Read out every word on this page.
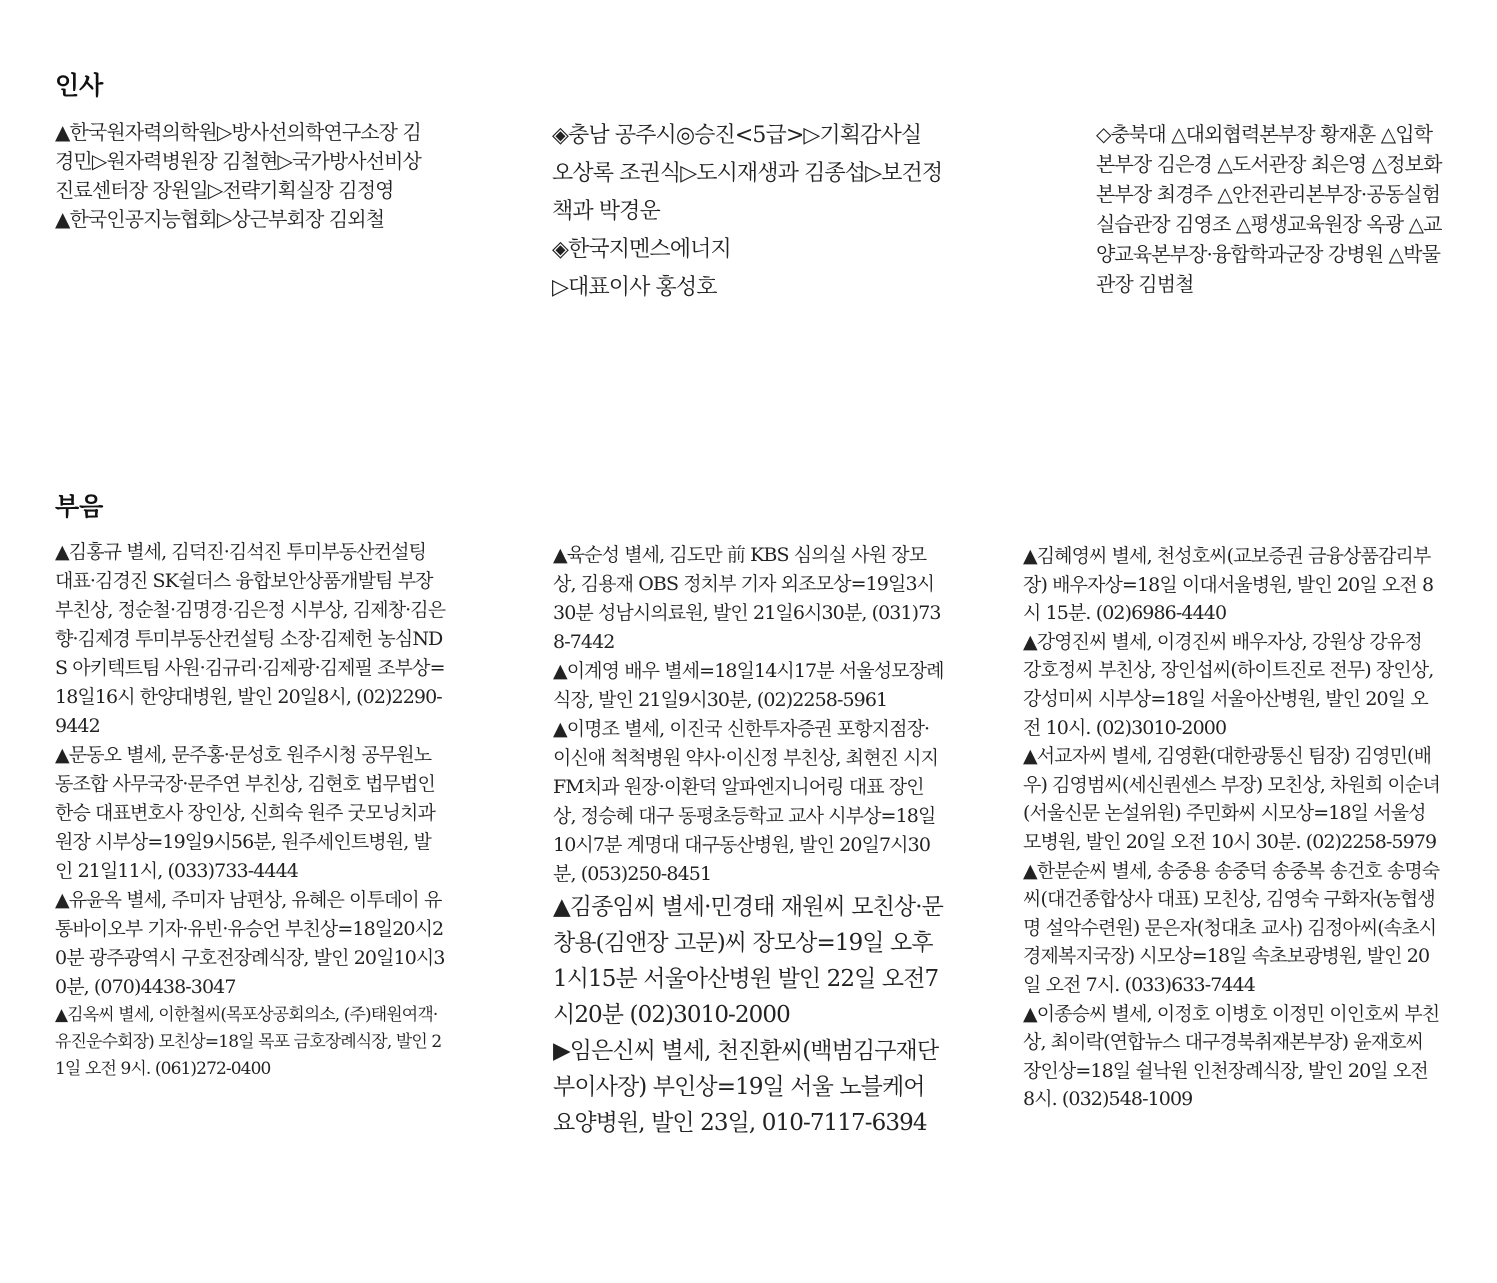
인사

▲한국원자력의학원▷방사선의학연구소장 김경민▷원자력병원장 김철현▷국가방사선비상진료센터장 장원일▷전략기획실장 김정영

▲한국인공지능협회▷상근부회장 김외철

◈충남 공주시◎승진<5급>▷기획감사실 오상록 조권식▷도시재생과 김종섭▷보건정책과 박경운

◈한국지멘스에너지

▷대표이사 홍성호

◇충북대 △대외협력본부장 황재훈 △입학본부장 김은경 △도서관장 최은영 △정보화본부장 최경주 △안전관리본부장·공동실험실습관장 김영조 △평생교육원장 옥광 △교양교육본부장·융합학과군장 강병원 △박물관장 김범철

부음

▲김홍규 별세, 김덕진·김석진 투미부동산컨설팅 대표·김경진 SK쉴더스 융합보안상품개발팀 부장 부친상, 정순철·김명경·김은정 시부상, 김제창·김은향·김제경 투미부동산컨설팅 소장·김제헌 농심NDS 아키텍트팀 사원·김규리·김제광·김제필 조부상=18일16시 한양대병원, 발인 20일8시, (02)2290-9442

▲문동오 별세, 문주홍·문성호 원주시청 공무원노동조합 사무국장·문주연 부친상, 김현호 법무법인 한승 대표변호사 장인상, 신희숙 원주 굿모닝치과 원장 시부상=19일9시56분, 원주세인트병원, 발인 21일11시, (033)733-4444

▲유윤옥 별세, 주미자 남편상, 유혜은 이투데이 유통바이오부 기자·유빈·유승언 부친상=18일20시20분 광주광역시 구호전장례식장, 발인 20일10시30분, (070)4438-3047

▲김옥씨 별세, 이한철씨(목포상공회의소, (주)태원여객·유진운수회장) 모친상=18일 목포 금호장례식장, 발인 21일 오전 9시. (061)272-0400

▲육순성 별세, 김도만 前 KBS 심의실 사원 장모상, 김용재 OBS 정치부 기자 외조모상=19일3시30분 성남시의료원, 발인 21일6시30분, (031)738-7442

▲이계영 배우 별세=18일14시17분 서울성모장례식장, 발인 21일9시30분, (02)2258-5961

▲이명조 별세, 이진국 신한투자증권 포항지점장·이신애 척척병원 약사·이신정 부친상, 최현진 시지FM치과 원장·이환덕 알파엔지니어링 대표 장인상, 정승혜 대구 동평초등학교 교사 시부상=18일10시7분 계명대 대구동산병원, 발인 20일7시30분, (053)250-8451

▲김종임씨 별세·민경태 재원씨 모친상·문창용(김앤장 고문)씨 장모상=19일 오후1시15분 서울아산병원 발인 22일 오전7시20분 (02)3010-2000

▶임은신씨 별세, 천진환씨(백범김구재단 부이사장) 부인상=19일 서울 노블케어요양병원, 발인 23일, 010-7117-6394

▲김혜영씨 별세, 천성호씨(교보증권 금융상품감리부장) 배우자상=18일 이대서울병원, 발인 20일 오전 8시 15분. (02)6986-4440

▲강영진씨 별세, 이경진씨 배우자상, 강원상 강유정 강호정씨 부친상, 장인섭씨(하이트진로 전무) 장인상, 강성미씨 시부상=18일 서울아산병원, 발인 20일 오전 10시. (02)3010-2000

▲서교자씨 별세, 김영환(대한광통신 팀장) 김영민(배우) 김영범씨(세신퀀센스 부장) 모친상, 차원희 이순녀(서울신문 논설위원) 주민화씨 시모상=18일 서울성모병원, 발인 20일 오전 10시 30분. (02)2258-5979

▲한분순씨 별세, 송중용 송중덕 송중복 송건호 송명숙씨(대건종합상사 대표) 모친상, 김영숙 구화자(농협생명 설악수련원) 문은자(청대초 교사) 김정아씨(속초시 경제복지국장) 시모상=18일 속초보광병원, 발인 20일 오전 7시. (033)633-7444

▲이종승씨 별세, 이정호 이병호 이정민 이인호씨 부친상, 최이락(연합뉴스 대구경북취재본부장) 윤재호씨 장인상=18일 쉴낙원 인천장례식장, 발인 20일 오전 8시. (032)548-1009
